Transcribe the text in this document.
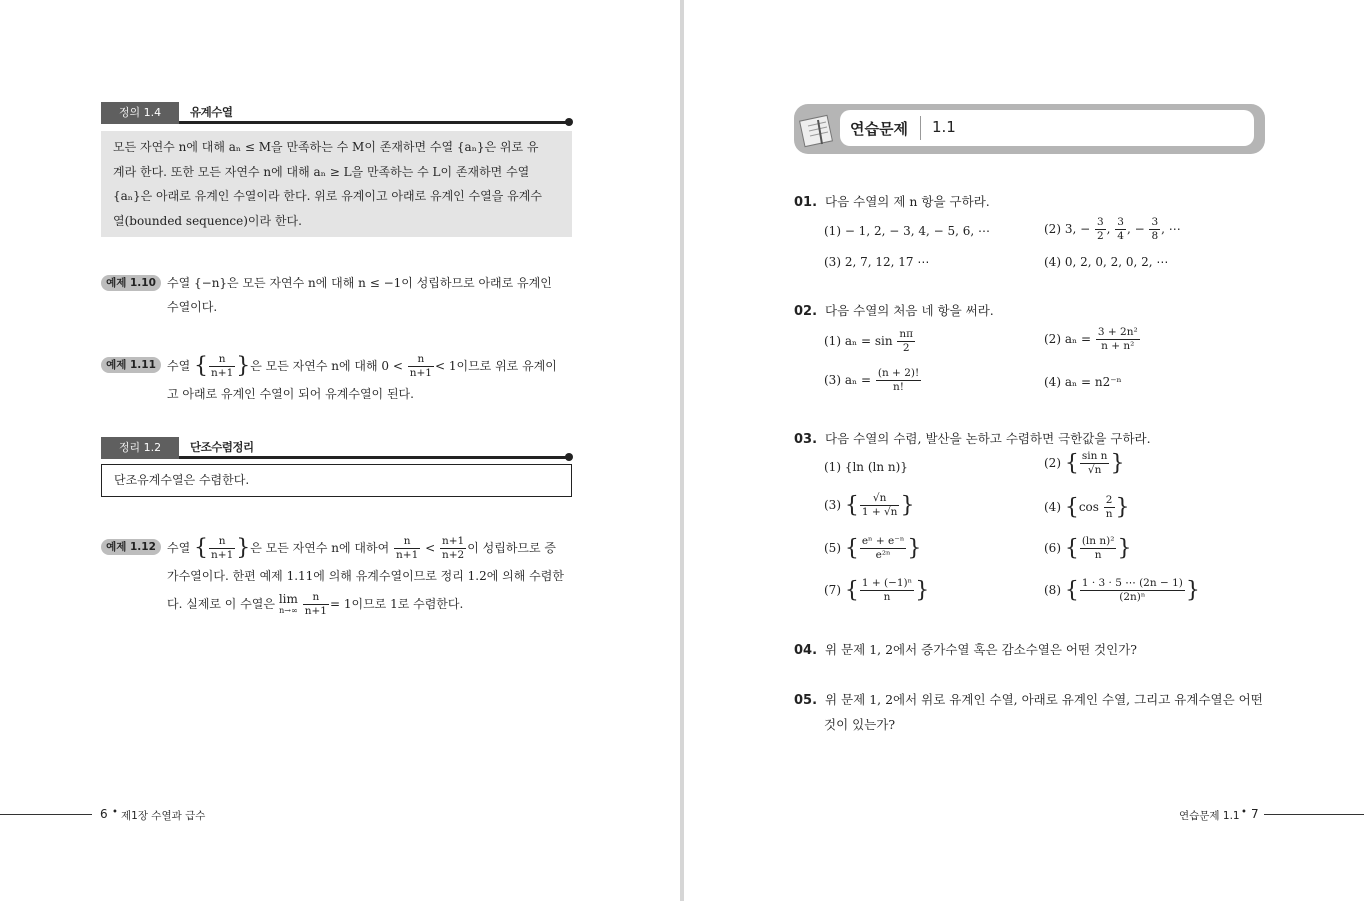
정의 1.4	유계수열
모든 자연수 n에 대해 aₙ ≤ M을 만족하는 수 M이 존재하면 수열 {aₙ}은 위로 유
계라 한다. 또한 모든 자연수 n에 대해 aₙ ≥ L을 만족하는 수 L이 존재하면 수열
{aₙ}은 아래로 유계인 수열이라 한다. 위로 유계이고 아래로 유계인 수열을 유계수
열(bounded sequence)이라 한다.
예제 1.10 수열 {−n}은 모든 자연수 n에 대해 n ≤ −1이 성립하므로 아래로 유계인
수열이다.
예제 1.11 수열 { $\frac{n}{n+1}$ }은 모든 자연수 n에 대해 $0 < \frac{n}{n+1} < 1$이므로 위로 유계이
고 아래로 유계인 수열이 되어 유계수열이 된다.
정리 1.2	단조수렴정리
단조유계수열은 수렴한다.
예제 1.12 수열 { $\frac{n}{n+1}$ }은 모든 자연수 n에 대하여 $\frac{n}{n+1} < \frac{n+1}{n+2}$ 이 성립하므로 증
가수열이다. 한편 예제 1.11에 의해 유계수열이므로 정리 1.2에 의해 수렴한
다. 실제로 이 수열은 lim
n→∞
$\frac{n}{n+1} = 1$이므로 1로 수렴한다.
6 • 제1장 수열과 급수
연습문제 1.1
01. 다음 수열의 제 n 항을 구하라.
(1) − 1, 2, − 3, 4, − 5, 6, ⋯	(2) 3, − $\frac{3}{2}$ , $\frac{3}{4}$ , − $\frac{3}{8}$ , ⋯
(3) 2, 7, 12, 17 ⋯	(4) 0, 2, 0, 2, 0, 2, ⋯
02. 다음 수열의 처음 네 항을 써라.
(1) $a_n = \sin \frac{n\pi}{2}$	(2) $a_n = \frac{\text{3 + 2n²}}{\text{n + n²}}$
(3) $a_n = \frac{(n + 2)!}{n!}$	(4) aₙ = n2⁻ⁿ
03. 다음 수열의 수렴, 발산을 논하고 수렴하면 극한값을 구하라.
(1) {ln (ln n)}	(2) { $\frac{\text{sin n}}{√n}$ }
(3) { $\frac{√n}{1 + √n}$ }	(4) {$\cos \frac{2}{n}$ }
(5) { $\frac{\text{eⁿ + e⁻ⁿ}}{\text{e²ⁿ}}$ }	(6) { $\frac{\text{(ln n)²}}{n}$ }
(7) { $\frac{\text{1 + (−1)ⁿ}}{n}$ }	(8) { $\frac{1 \cdot 3 \cdot 5 \cdots (2n - 1)}{\text{(2n)ⁿ}}$ }
04. 위 문제 1, 2에서 증가수열 혹은 감소수열은 어떤 것인가?
05. 위 문제 1, 2에서 위로 유계인 수열, 아래로 유계인 수열, 그리고 유계수열은 어떤
것이 있는가?
연습문제 1.1 • 7
